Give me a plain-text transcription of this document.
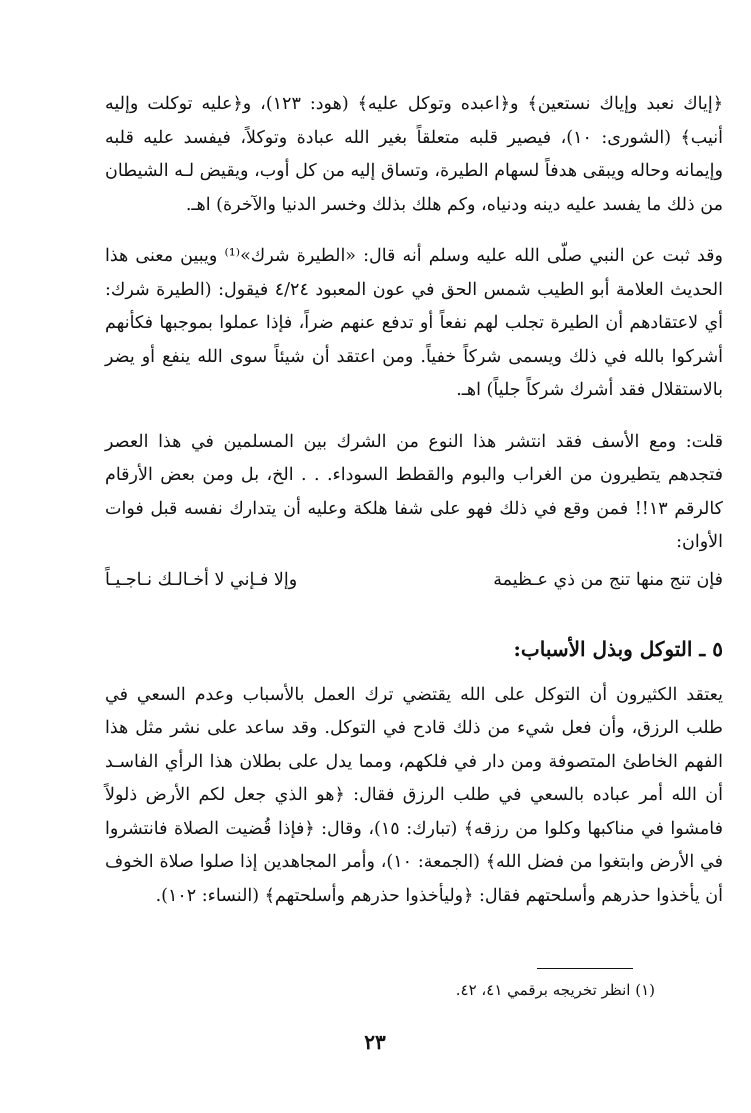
﴿إياك نعبد وإياك نستعين﴾ و﴿اعبده وتوكل عليه﴾ (هود: ١٢٣)، و﴿عليه توكلت وإليه أنيب﴾ (الشورى: ١٠)، فيصير قلبه متعلقاً بغير الله عبادة وتوكلاً، فيفسد عليه قلبه وإيمانه وحاله ويبقى هدفاً لسهام الطيرة، وتساق إليه من كل أوب، ويقيض لـه الشيطان من ذلك ما يفسد عليه دينه ودنياه، وكم هلك بذلك وخسر الدنيا والآخرة) اهـ.

وقد ثبت عن النبي صلّى الله عليه وسلم أنه قال: «الطيرة شرك»⁽¹⁾ ويبين معنى هذا الحديث العلامة أبو الطيب شمس الحق في عون المعبود ٤/٢٤ فيقول: (الطيرة شرك: أي لاعتقادهم أن الطيرة تجلب لهم نفعاً أو تدفع عنهم ضراً، فإذا عملوا بموجبها فكأنهم أشركوا بالله في ذلك ويسمى شركاً خفياً. ومن اعتقد أن شيئاً سوى الله ينفع أو يضر بالاستقلال فقد أشرك شركاً جلياً) اهـ.

قلت: ومع الأسف فقد انتشر هذا النوع من الشرك بين المسلمين في هذا العصر فتجدهم يتطيرون من الغراب والبوم والقطط السوداء. . . الخ، بل ومن بعض الأرقام كالرقم ١٣!! فمن وقع في ذلك فهو على شفا هلكة وعليه أن يتدارك نفسه قبل فوات الأوان:

فإن تنج منها تنج من ذي عـظيمة
وإلا فـإني لا أخـالـك نـاجـيـاً
٥ ـ التوكل وبذل الأسباب:

يعتقد الكثيرون أن التوكل على الله يقتضي ترك العمل بالأسباب وعدم السعي في طلب الرزق، وأن فعل شيء من ذلك قادح في التوكل. وقد ساعد على نشر مثل هذا الفهم الخاطئ المتصوفة ومن دار في فلكهم، ومما يدل على بطلان هذا الرأي الفاسـد أن الله أمر عباده بالسعي في طلب الرزق فقال: ﴿هو الذي جعل لكم الأرض ذلولاً فامشوا في مناكبها وكلوا من رزقه﴾ (تبارك: ١٥)، وقال: ﴿فإذا قُضيت الصلاة فانتشروا في الأرض وابتغوا من فضل الله﴾ (الجمعة: ١٠)، وأمر المجاهدين إذا صلوا صلاة الخوف أن يأخذوا حذرهم وأسلحتهم فقال: ﴿وليأخذوا حذرهم وأسلحتهم﴾ (النساء: ١٠٢).

(١) انظر تخريجه برقمي ٤١، ٤٢.
٢٣
